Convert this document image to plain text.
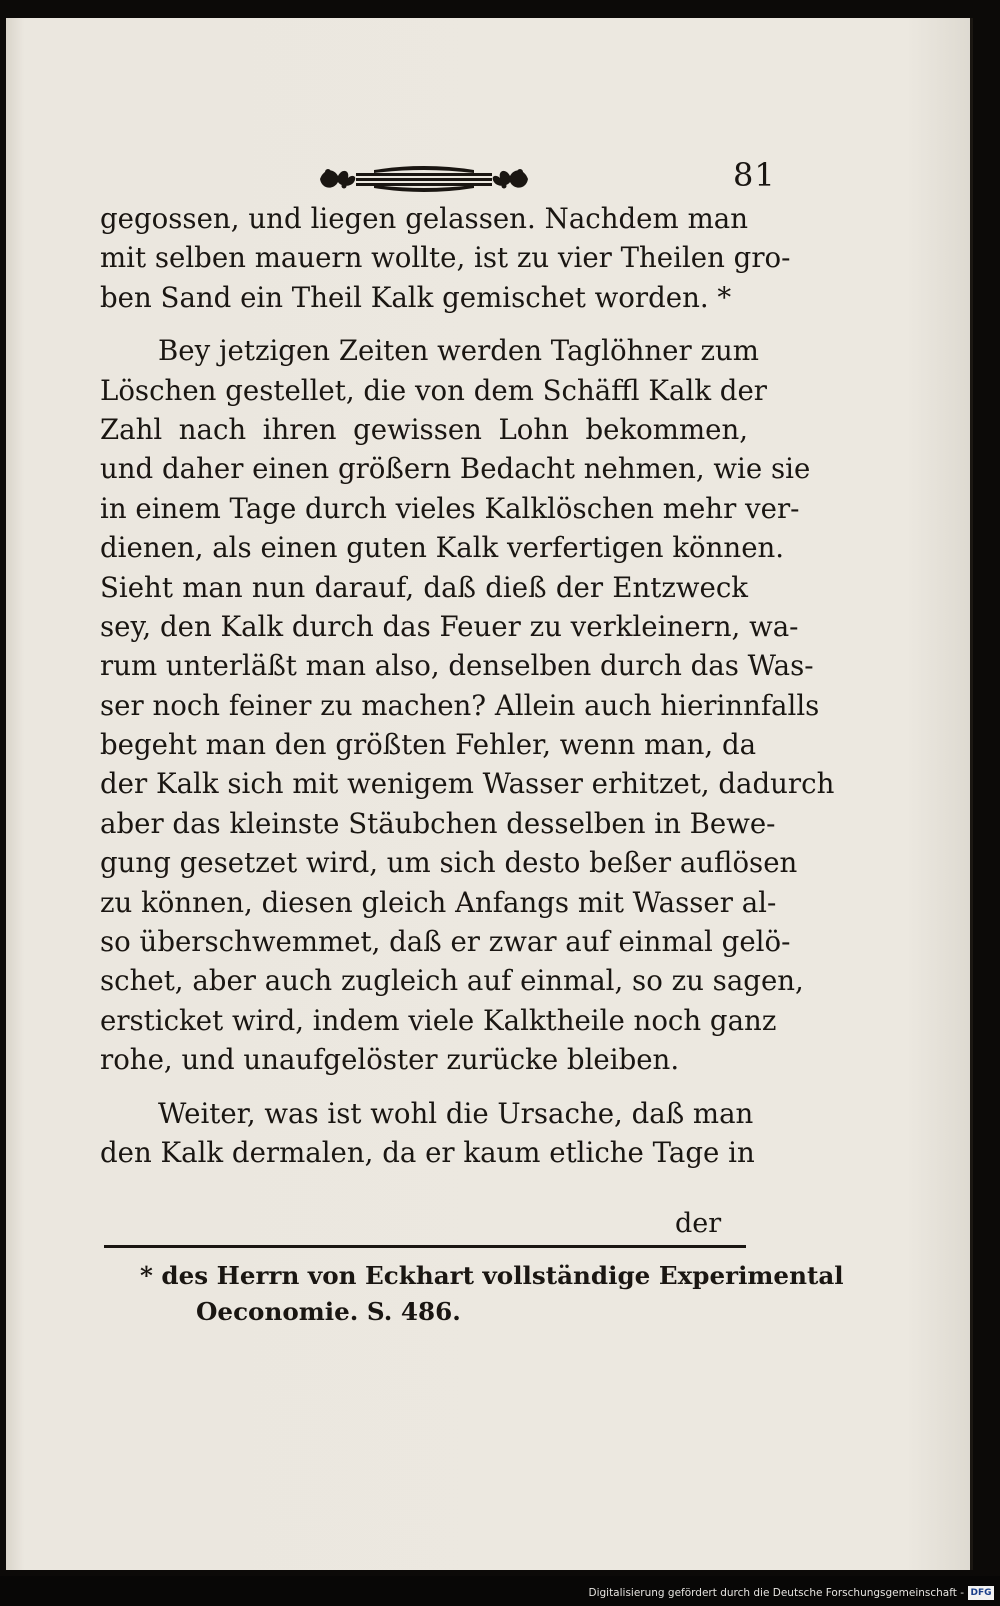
81
gegossen, und liegen gelassen. Nachdem man
mit selben mauern wollte, ist zu vier Theilen gro-
ben Sand ein Theil Kalk gemischet worden. *
Bey jetzigen Zeiten werden Taglöhner zum
Löschen gestellet, die von dem Schäffl Kalk der
Zahl nach ihren gewissen Lohn bekommen,
und daher einen größern Bedacht nehmen, wie sie
in einem Tage durch vieles Kalklöschen mehr ver-
dienen, als einen guten Kalk verfertigen können.
Sieht man nun darauf, daß dieß der Entzweck
sey, den Kalk durch das Feuer zu verkleinern, wa-
rum unterläßt man also, denselben durch das Was-
ser noch feiner zu machen? Allein auch hierinnfalls
begeht man den größten Fehler, wenn man, da
der Kalk sich mit wenigem Wasser erhitzet, dadurch
aber das kleinste Stäubchen desselben in Bewe-
gung gesetzet wird, um sich desto beßer auflösen
zu können, diesen gleich Anfangs mit Wasser al-
so überschwemmet, daß er zwar auf einmal gelö-
schet, aber auch zugleich auf einmal, so zu sagen,
ersticket wird, indem viele Kalktheile noch ganz
rohe, und unaufgelöster zurücke bleiben.
Weiter, was ist wohl die Ursache, daß man
den Kalk dermalen, da er kaum etliche Tage in
der
* des Herrn von Eckhart vollständige Experimental
Oeconomie. S. 486.
Digitalisierung gefördert durch die Deutsche Forschungsgemeinschaft - DFG
